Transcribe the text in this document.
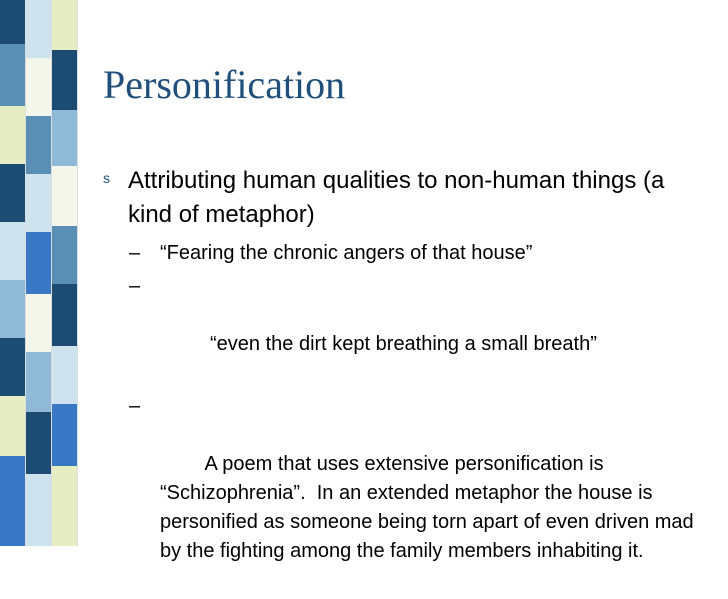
Personification
s Attributing human qualities to non-human things (a kind of metaphor)
– “Fearing the chronic angers of that house”

–

“even the dirt kept breathing a small breath”

–

A poem that uses extensive personification is “Schizophrenia”.  In an extended metaphor the house is personified as someone being torn apart of even driven mad by the fighting among the family members inhabiting it.
